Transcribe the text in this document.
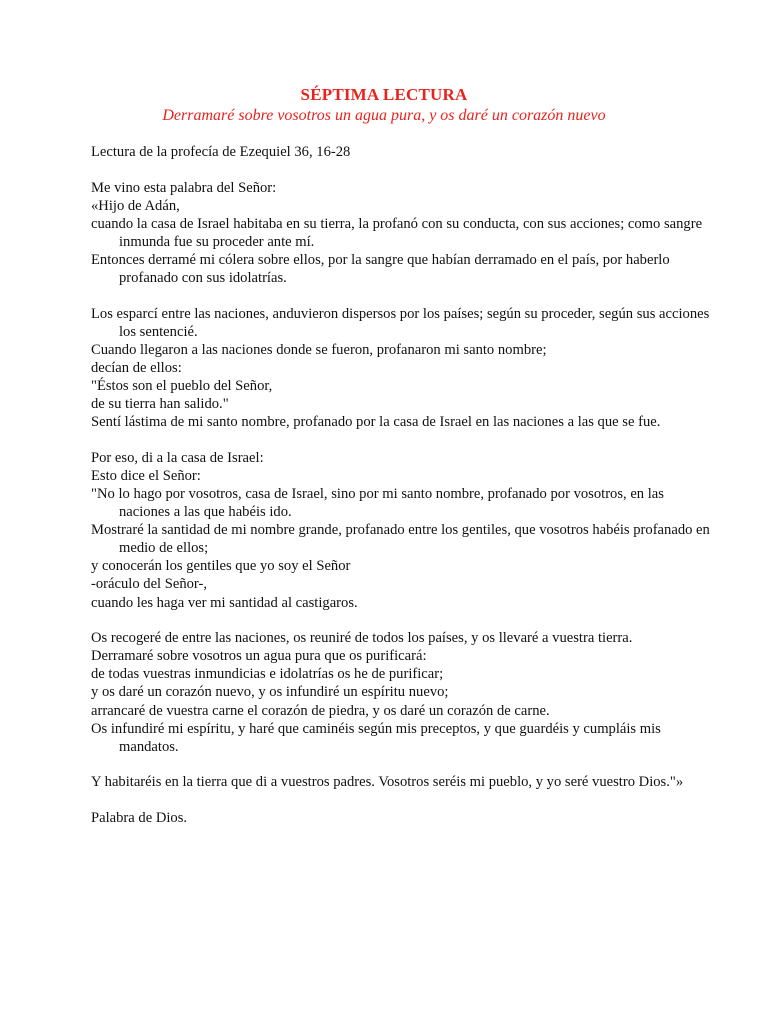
SÉPTIMA LECTURA
Derramaré sobre vosotros un agua pura, y os daré un corazón nuevo
Lectura de la profecía de Ezequiel 36, 16-28
Me vino esta palabra del Señor:
«Hijo de Adán,
cuando la casa de Israel habitaba en su tierra, la profanó con su conducta, con sus acciones; como sangre inmunda fue su proceder ante mí.
Entonces derramé mi cólera sobre ellos, por la sangre que habían derramado en el país, por haberlo profanado con sus idolatrías.
Los esparcí entre las naciones, anduvieron dispersos por los países; según su proceder, según sus acciones los sentencié.
Cuando llegaron a las naciones donde se fueron, profanaron mi santo nombre;
decían de ellos:
"Éstos son el pueblo del Señor,
de su tierra han salido."
Sentí lástima de mi santo nombre, profanado por la casa de Israel en las naciones a las que se fue.
Por eso, di a la casa de Israel:
Esto dice el Señor:
"No lo hago por vosotros, casa de Israel, sino por mi santo nombre, profanado por vosotros, en las naciones a las que habéis ido.
Mostraré la santidad de mi nombre grande, profanado entre los gentiles, que vosotros habéis profanado en medio de ellos;
y conocerán los gentiles que yo soy el Señor
-oráculo del Señor-,
cuando les haga ver mi santidad al castigaros.
Os recogeré de entre las naciones, os reuniré de todos los países, y os llevaré a vuestra tierra.
Derramaré sobre vosotros un agua pura que os purificará:
de todas vuestras inmundicias e idolatrías os he de purificar;
y os daré un corazón nuevo, y os infundiré un espíritu nuevo;
arrancaré de vuestra carne el corazón de piedra, y os daré un corazón de carne.
Os infundiré mi espíritu, y haré que caminéis según mis preceptos, y que guardéis y cumpláis mis mandatos.
Y habitaréis en la tierra que di a vuestros padres. Vosotros seréis mi pueblo, y yo seré vuestro Dios."»
Palabra de Dios.
